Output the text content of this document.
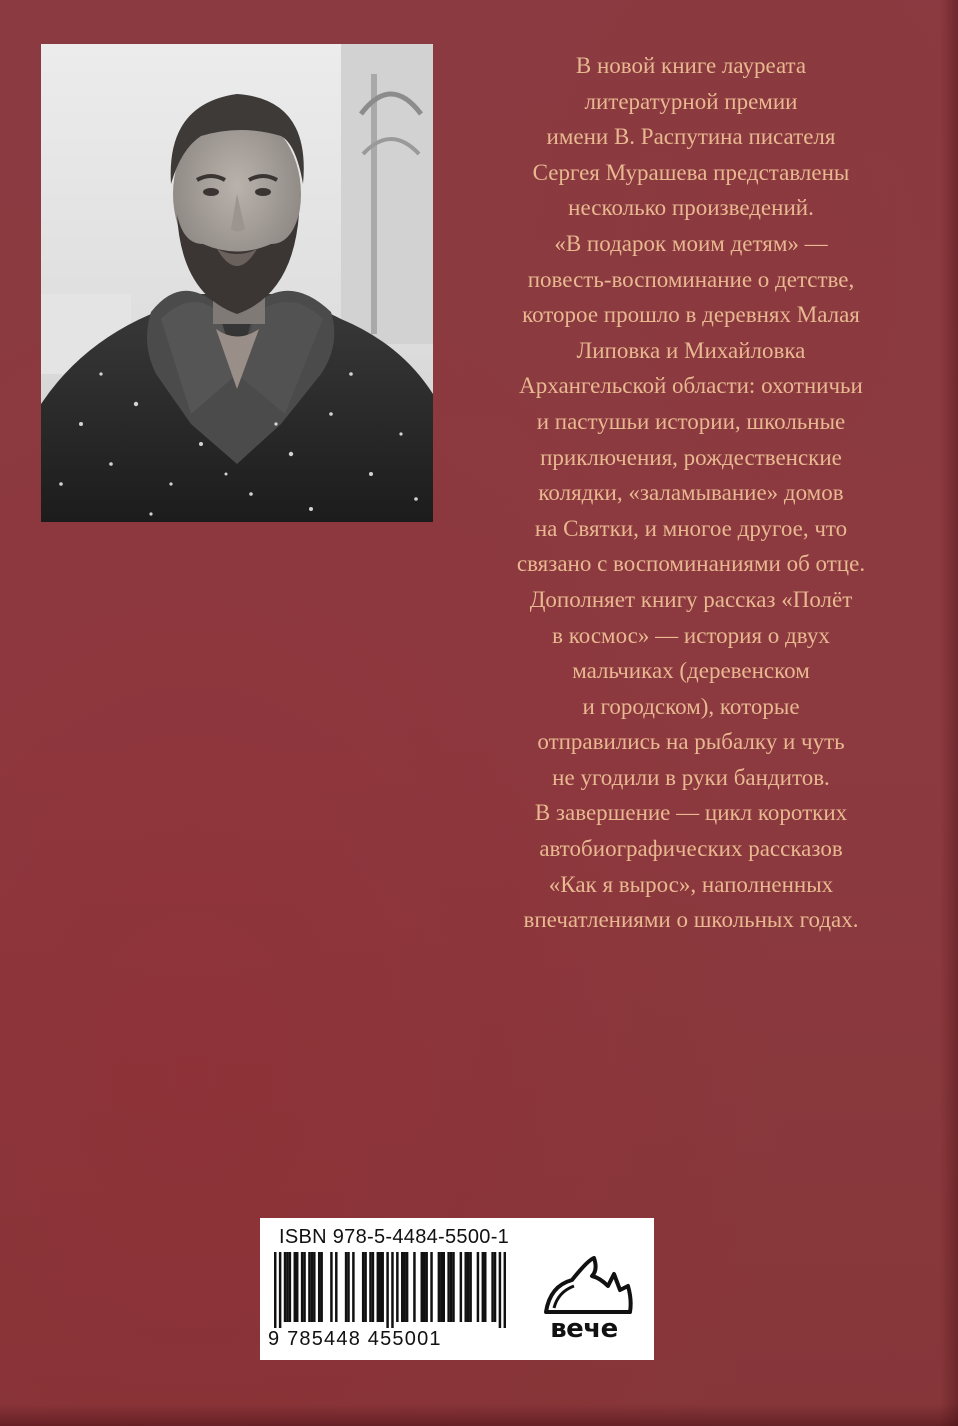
В новой книге лауреата

литературной премии

имени В. Распутина писателя

Сергея Мурашева представлены

несколько произведений.

«В подарок моим детям» —

повесть-воспоминание о детстве,

которое прошло в деревнях Малая

Липовка и Михайловка

Архангельской области: охотничьи

и пастушьи истории, школьные

приключения, рождественские

колядки, «заламывание» домов

на Святки, и многое другое, что

связано с воспоминаниями об отце.

Дополняет книгу рассказ «Полёт

в космос» — история о двух

мальчиках (деревенском

и городском), которые

отправились на рыбалку и чуть

не угодили в руки бандитов.

В завершение — цикл коротких

автобиографических рассказов

«Как я вырос», наполненных

впечатлениями о школьных годах.

ISBN 978-5-4484-5500-1
9 785448 455001	вече
